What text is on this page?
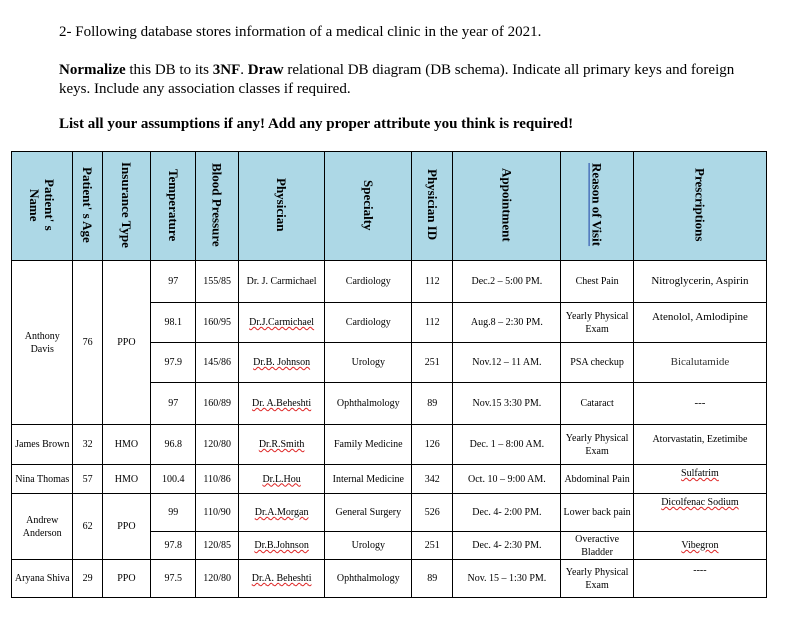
2- Following database stores information of a medical clinic in the year of 2021.
Normalize this DB to its 3NF. Draw relational DB diagram (DB schema). Indicate all primary keys and foreign keys. Include any association classes if required.
List all your assumptions if any! Add any proper attribute you think is required!
Patient' s Name	Patient' s Age	Insurance Type	Temperature	Blood Pressure	Physician	Specialty	Physician ID	Appointment	Reason of Visit	Prescriptions
Anthony Davis	76	PPO	97	155/85	Dr. J. Carmichael	Cardiology	112	Dec.2 – 5:00 PM.	Chest Pain	Nitroglycerin, Aspirin
			98.1	160/95	Dr.J.Carmichael	Cardiology	112	Aug.8 – 2:30 PM.	Yearly Physical Exam	Atenolol, Amlodipine
			97.9	145/86	Dr.B. Johnson	Urology	251	Nov.12 – 11 AM.	PSA checkup	Bicalutamide
			97	160/89	Dr. A.Beheshti	Ophthalmology	89	Nov.15 3:30 PM.	Cataract	---
James Brown	32	HMO	96.8	120/80	Dr.R.Smith	Family Medicine	126	Dec. 1 – 8:00 AM.	Yearly Physical Exam	Atorvastatin, Ezetimibe
Nina Thomas	57	HMO	100.4	110/86	Dr.L.Hou	Internal Medicine	342	Oct. 10 – 9:00 AM.	Abdominal Pain	Sulfatrim
Andrew Anderson	62	PPO	99	110/90	Dr.A.Morgan	General Surgery	526	Dec. 4- 2:00 PM.	Lower back pain	Dicolfenac Sodium
			97.8	120/85	Dr.B.Johnson	Urology	251	Dec. 4- 2:30 PM.	Overactive Bladder	Vibegron
Aryana Shiva	29	PPO	97.5	120/80	Dr.A. Beheshti	Ophthalmology	89	Nov. 15 – 1:30 PM.	Yearly Physical Exam	----
